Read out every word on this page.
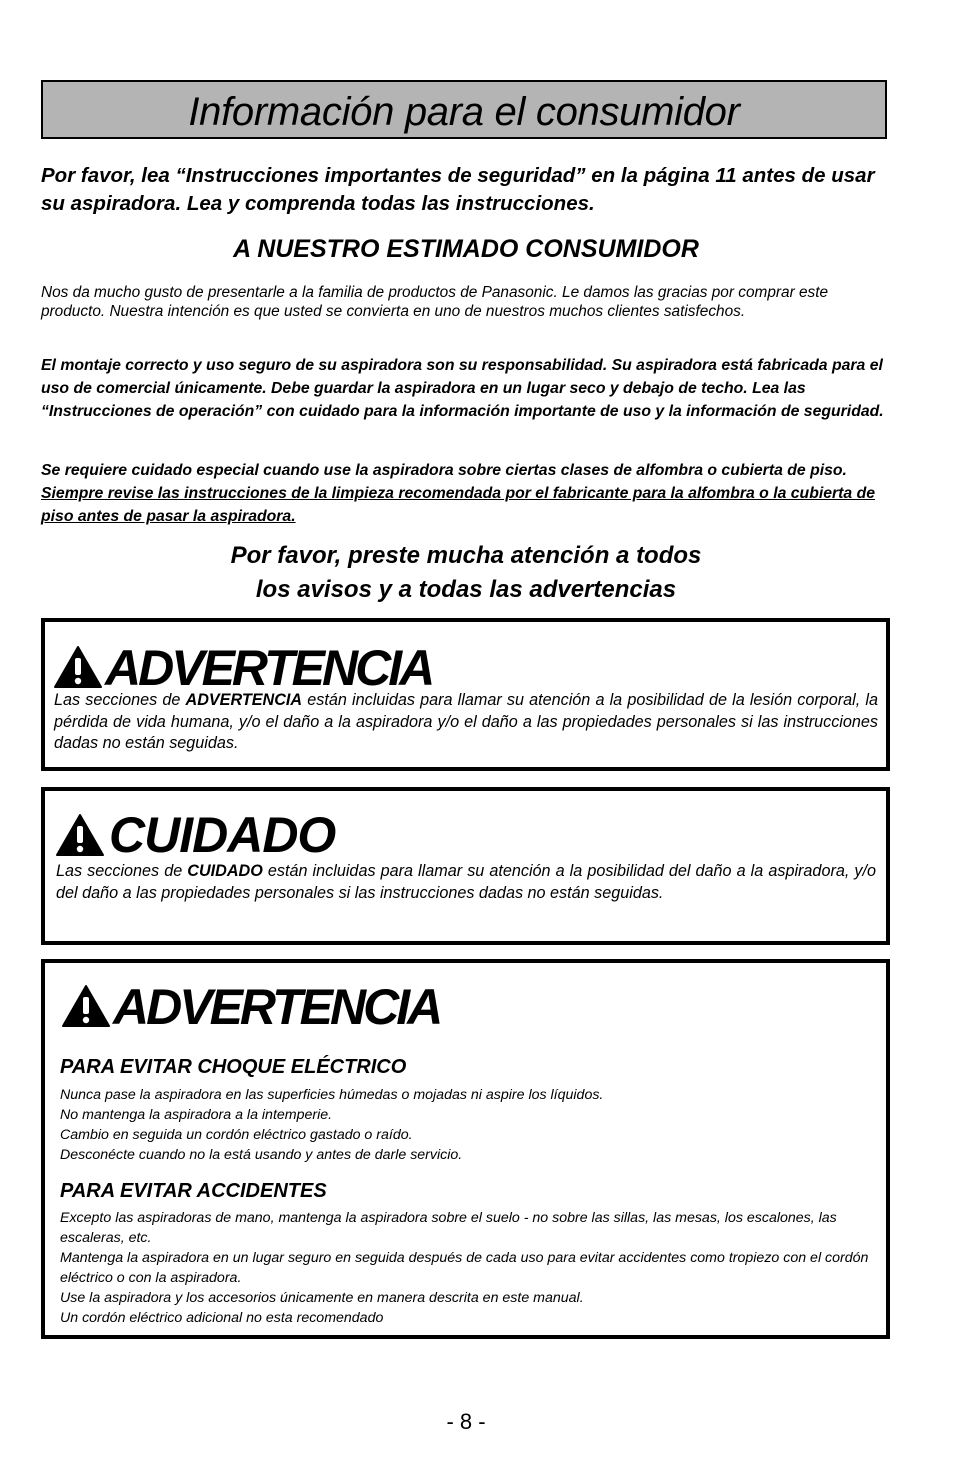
Información para el consumidor
Por favor, lea “Instrucciones importantes de seguridad” en la página 11 antes de usar su aspiradora. Lea y comprenda todas las instrucciones.
A NUESTRO ESTIMADO CONSUMIDOR
Nos da mucho gusto de presentarle a la familia de productos de Panasonic. Le damos las gracias por comprar este producto. Nuestra intención es que usted se convierta en uno de nuestros muchos clientes satisfechos.
El montaje correcto y uso seguro de su aspiradora son su responsabilidad. Su aspiradora está fabricada para el uso de comercial únicamente. Debe guardar la aspiradora en un lugar seco y debajo de techo. Lea las “Instrucciones de operación” con cuidado para la información importante de uso y la información de seguridad.
Se requiere cuidado especial cuando use la aspiradora sobre ciertas clases de alfombra o cubierta de piso. Siempre revise las instrucciones de la limpieza recomendada por el fabricante para la alfombra o la cubierta de piso antes de pasar la aspiradora.
Por favor, preste mucha atención a todos
los avisos y a todas las advertencias
ADVERTENCIA
Las secciones de ADVERTENCIA están incluidas para llamar su atención a la posibilidad de la lesión corporal, la pérdida de vida humana, y/o el daño a la aspiradora y/o el daño a las propiedades personales si las instrucciones dadas no están seguidas.
CUIDADO
Las secciones de CUIDADO están incluidas para llamar su atención a la posibilidad del daño a la aspiradora, y/o del daño a las propiedades personales si las instrucciones dadas no están seguidas.
ADVERTENCIA
PARA EVITAR CHOQUE ELÉCTRICO
Nunca pase la aspiradora en las superficies húmedas o mojadas ni aspire los líquidos.
No mantenga la aspiradora a la intemperie.
Cambio en seguida un cordón eléctrico gastado o raído.
Desconécte cuando no la está usando y antes de darle servicio.
PARA EVITAR ACCIDENTES
Excepto las aspiradoras de mano, mantenga la aspiradora sobre el suelo - no sobre las sillas, las mesas, los escalones, las escaleras, etc.
Mantenga la aspiradora en un lugar seguro en seguida después de cada uso para evitar accidentes como tropiezo con el cordón eléctrico o con la aspiradora.
Use la aspiradora y los accesorios únicamente en manera descrita en este manual.
Un cordón eléctrico adicional no esta recomendado
- 8 -
